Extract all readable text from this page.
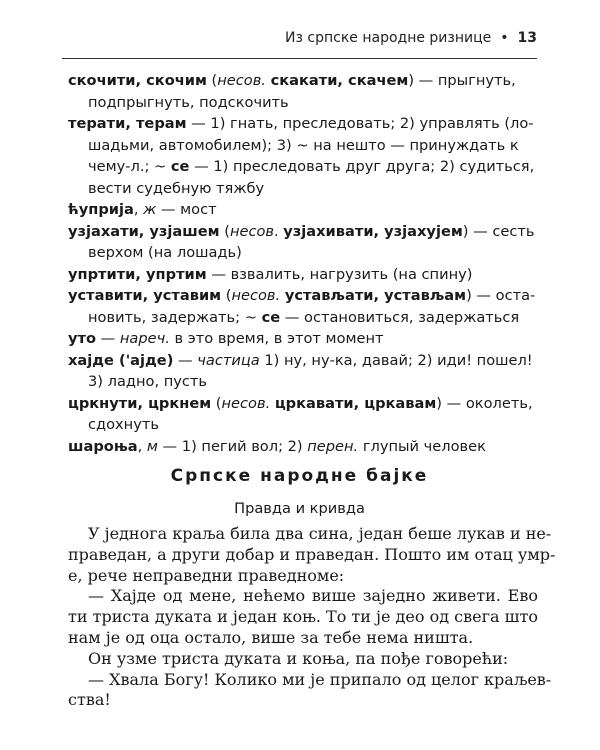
Из српске народне ризнице • 13
скочити, скочим (несов. скакати, скачем) — прыгнуть,
подпрыгнуть, подскочить
терати, терам — 1) гнать, преследовать; 2) управлять (ло-
шадьми, автомобилем); 3) ~ на нешто — принуждать к
чему-л.; ~ се — 1) преследовать друг друга; 2) судиться,
вести судебную тяжбу
ћуприја, ж — мост
узјахати, узјашем (несов. узјахивати, узјахујем) — сесть
верхом (на лошадь)
упртити, упртим — взвалить, нагрузить (на спину)
уставити, уставим (несов. устављати, устављам) — оста-
новить, задержать; ~ се — остановиться, задержаться
уто — нареч. в это время, в этот момент
хајде ('ајде) — частица 1) ну, ну-ка, давай; 2) иди! пошел!
3) ладно, пусть
цркнути, цркнем (несов. цркавати, цркавам) — околеть,
сдохнуть
шароња, м — 1) пегий вол; 2) перен. глупый человек
Српске народне бајке
Правда и кривда
У једнога краља била два сина, један беше лукав и не-
праведан, а други добар и праведан. Пошто им отац умр-
е, рече неправедни праведноме:
— Хајде од мене, нећемо више заједно живети. Ево
ти триста дуката и један коњ. То ти је део од свега што
нам је од оца остало, више за тебе нема ништа.
Он узме триста дуката и коња, па пође говорећи:
— Хвала Богу! Колико ми је припало од целог краљев-
ства!
